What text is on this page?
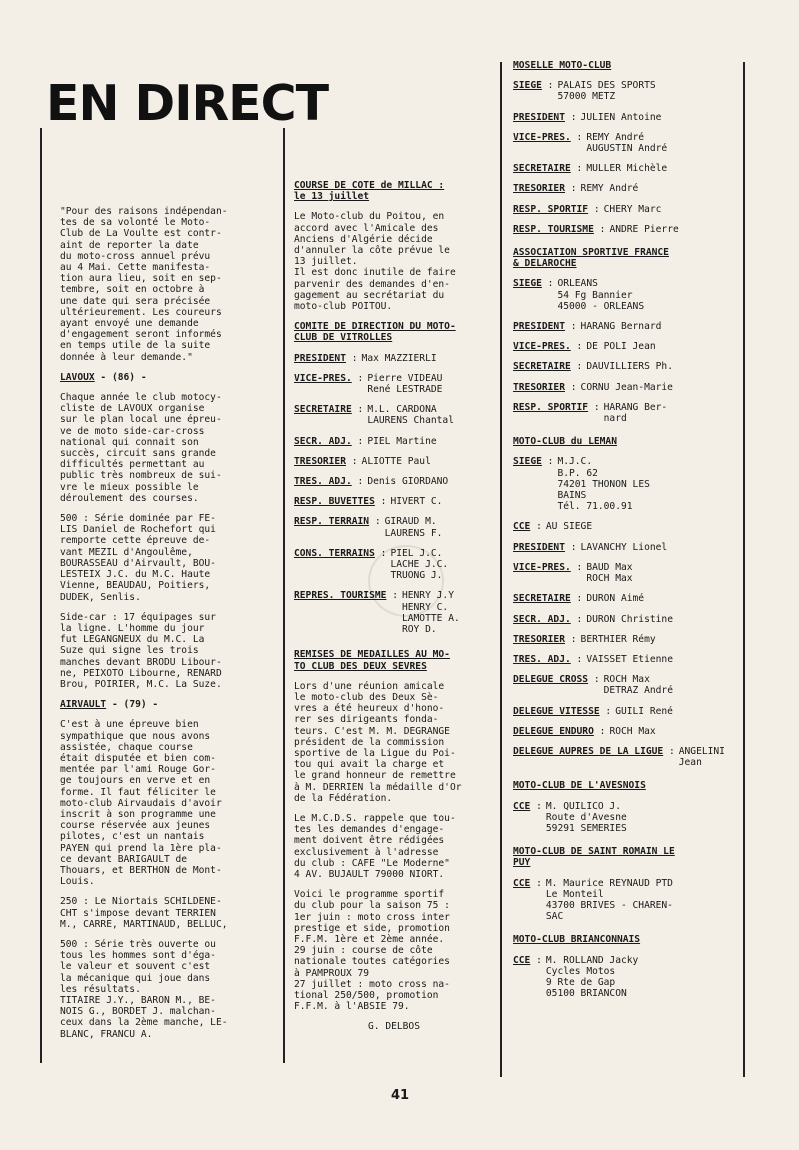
EN DIRECT

"Pour des raisons indépendan-
tes de sa volonté le Moto-
Club de La Voulte est contr-
aint de reporter la date
du moto-cross annuel prévu
au 4 Mai. Cette manifesta-
tion aura lieu, soit en sep-
tembre, soit en octobre à
une date qui sera précisée
ultérieurement. Les coureurs
ayant envoyé une demande
d'engagement seront informés
en temps utile de la suite
donnée à leur demande."

LAVOUX - (86) -

Chaque année le club motocy-
cliste de LAVOUX organise
sur le plan local une épreu-
ve de moto side-car-cross
national qui connait son
succès, circuit sans grande
difficultés permettant au
public très nombreux de sui-
vre le mieux possible le
déroulement des courses.

500 : Série dominée par FE-
LIS Daniel de Rochefort qui
remporte cette épreuve de-
vant MEZIL d'Angoulême,
BOURASSEAU d'Airvault, BOU-
LESTEIX J.C. du M.C. Haute
Vienne, BEAUDAU, Poitiers,
DUDEK, Senlis.

Side-car : 17 équipages sur
la ligne. L'homme du jour
fut LEGANGNEUX du M.C. La
Suze qui signe les trois
manches devant BRODU Libour-
ne, PEIXOTO Libourne, RENARD
Brou, POIRIER, M.C. La Suze.

AIRVAULT - (79) -

C'est à une épreuve bien
sympathique que nous avons
assistée, chaque course
était disputée et bien com-
mentée par l'ami Rouge Gor-
ge toujours en verve et en
forme. Il faut féliciter le
moto-club Airvaudais d'avoir
inscrit à son programme une
course réservée aux jeunes
pilotes, c'est un nantais
PAYEN qui prend la 1ère pla-
ce devant BARIGAULT de
Thouars, et BERTHON de Mont-
Louis.

250 : Le Niortais SCHILDENE-
CHT s'impose devant TERRIEN
M., CARRE, MARTINAUD, BELLUC,

500 : Série très ouverte ou
tous les hommes sont d'éga-
le valeur et souvent c'est
la mécanique qui joue dans
les résultats.
TITAIRE J.Y., BARON M., BE-
NOIS G., BORDET J. malchan-
ceux dans la 2ème manche, LE-
BLANC, FRANCU A.

COURSE DE COTE de MILLAC :
le 13 juillet

Le Moto-club du Poitou, en
accord avec l'Amicale des
Anciens d'Algérie décide
d'annuler la côte prévue le
13 juillet.
Il est donc inutile de faire
parvenir des demandes d'en-
gagement au secrétariat du
moto-club POITOU.

COMITE DE DIRECTION DU MOTO-
CLUB DE VITROLLES

PRESIDENT : Max MAZZIERLI
VICE-PRES. : Pierre VIDEAU
René LESTRADE
SECRETAIRE : M.L. CARDONA
LAURENS Chantal
SECR. ADJ. : PIEL Martine
TRESORIER : ALIOTTE Paul
TRES. ADJ. : Denis GIORDANO
RESP. BUVETTES : HIVERT C.
RESP. TERRAIN : GIRAUD M.
LAURENS F.
CONS. TERRAINS : PIEL J.C.
LACHE J.C.
TRUONG J.
REPRES. TOURISME : HENRY J.Y
HENRY C.
LAMOTTE A.
ROY D.

REMISES DE MEDAILLES AU MO-
TO CLUB DES DEUX SEVRES

Lors d'une réunion amicale
le moto-club des Deux Sè-
vres a été heureux d'hono-
rer ses dirigeants fonda-
teurs. C'est M. M. DEGRANGE
président de la commission
sportive de la Ligue du Poi-
tou qui avait la charge et
le grand honneur de remettre
à M. DERRIEN la médaille d'Or
de la Fédération.

Le M.C.D.S. rappele que tou-
tes les demandes d'engage-
ment doivent être rédigées
exclusivement à l'adresse
du club : CAFE "Le Moderne"
4 AV. BUJAULT 79000 NIORT.

Voici le programme sportif
du club pour la saison 75 :
1er juin : moto cross inter
prestige et side, promotion
F.F.M. 1ère et 2ème année.
29 juin : course de côte
nationale toutes catégories
à PAMPROUX 79
27 juillet : moto cross na-
tional 250/500, promotion
F.F.M. à l'ABSIE 79.

G. DELBOS

MOSELLE MOTO-CLUB

SIEGE : PALAIS DES SPORTS
57000 METZ
PRESIDENT : JULIEN Antoine
VICE-PRES. : REMY André
AUGUSTIN André
SECRETAIRE : MULLER Michèle
TRESORIER : REMY André
RESP. SPORTIF : CHERY Marc
RESP. TOURISME : ANDRE Pierre

ASSOCIATION SPORTIVE FRANCE
& DELAROCHE

SIEGE : ORLEANS
54 Fg Bannier
45000 - ORLEANS
PRESIDENT : HARANG Bernard
VICE-PRES. : DE POLI Jean
SECRETAIRE : DAUVILLIERS Ph.
TRESORIER : CORNU Jean-Marie
RESP. SPORTIF : HARANG Ber-
nard

MOTO-CLUB du LEMAN

SIEGE : M.J.C.
B.P. 62
74201 THONON LES
BAINS
Tél. 71.00.91
CCE : AU SIEGE
PRESIDENT : LAVANCHY Lionel
VICE-PRES. : BAUD Max
ROCH Max
SECRETAIRE : DURON Aimé
SECR. ADJ. : DURON Christine
TRESORIER : BERTHIER Rémy
TRES. ADJ. : VAISSET Etienne
DELEGUE CROSS : ROCH Max
DETRAZ André
DELEGUE VITESSE : GUILI René
DELEGUE ENDURO : ROCH Max
DELEGUE AUPRES DE LA LIGUE : ANGELINI Jean

MOTO-CLUB DE L'AVESNOIS

CCE : M. QUILICO J.
Route d'Avesne
59291 SEMERIES

MOTO-CLUB DE SAINT ROMAIN LE
PUY

CCE : M. Maurice REYNAUD PTD
Le Monteil
43700 BRIVES - CHAREN-
SAC

MOTO-CLUB BRIANCONNAIS

CCE : M. ROLLAND Jacky
Cycles Motos
9 Rte de Gap
05100 BRIANCON
41
